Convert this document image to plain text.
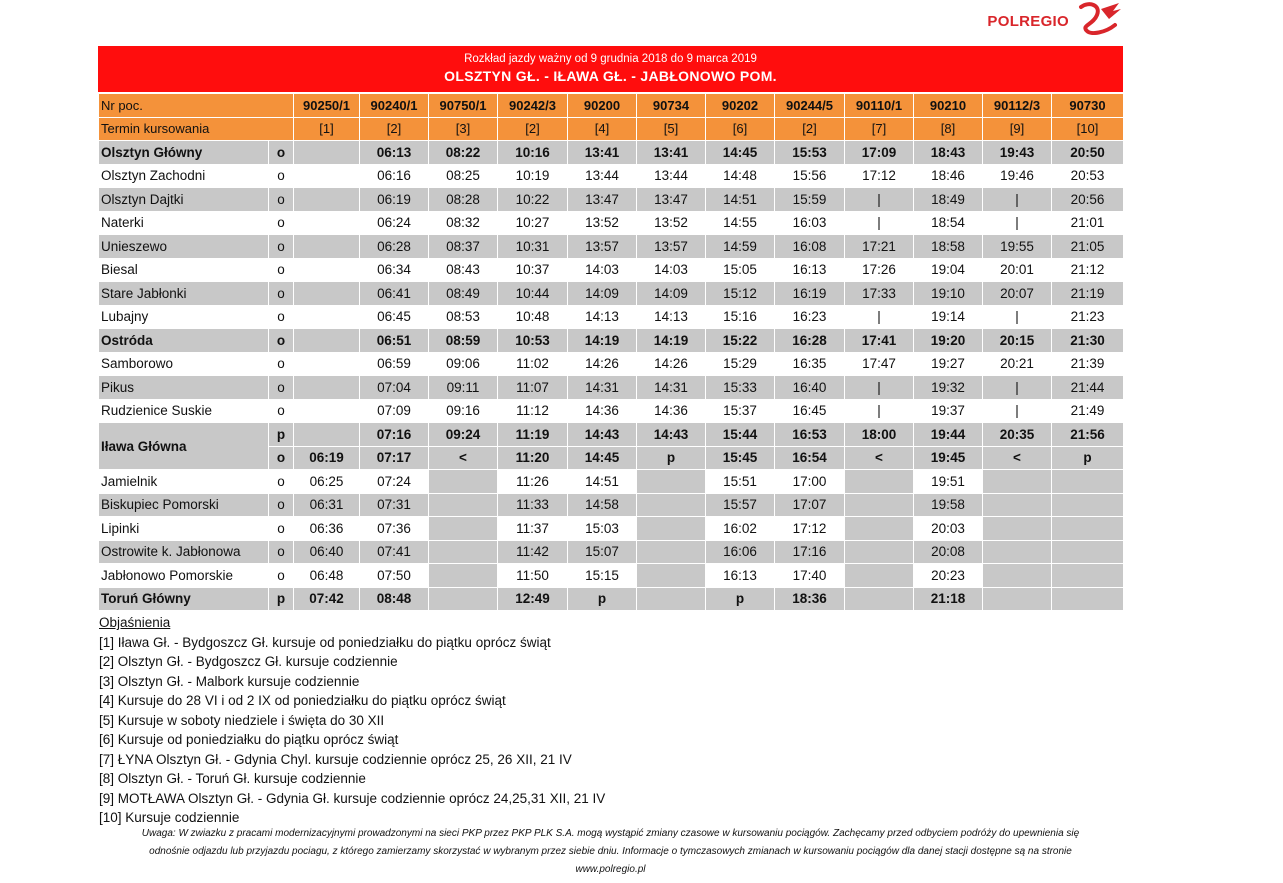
POLREGIO
Rozkład jazdy ważny od 9 grudnia 2018 do 9 marca 2019
OLSZTYN GŁ. - IŁAWA GŁ. - JABŁONOWO POM.
Nr poc.		90250/1	90240/1	90750/1	90242/3	90200	90734	90202	90244/5	90110/1	90210	90112/3	90730
Termin kursowania		[1]	[2]	[3]	[2]	[4]	[5]	[6]	[2]	[7]	[8]	[9]	[10]
Olsztyn Główny	o		06:13	08:22	10:16	13:41	13:41	14:45	15:53	17:09	18:43	19:43	20:50
Olsztyn Zachodni	o		06:16	08:25	10:19	13:44	13:44	14:48	15:56	17:12	18:46	19:46	20:53
Olsztyn Dajtki	o		06:19	08:28	10:22	13:47	13:47	14:51	15:59	|	18:49	|	20:56
Naterki	o		06:24	08:32	10:27	13:52	13:52	14:55	16:03	|	18:54	|	21:01
Unieszewo	o		06:28	08:37	10:31	13:57	13:57	14:59	16:08	17:21	18:58	19:55	21:05
Biesal	o		06:34	08:43	10:37	14:03	14:03	15:05	16:13	17:26	19:04	20:01	21:12
Stare Jabłonki	o		06:41	08:49	10:44	14:09	14:09	15:12	16:19	17:33	19:10	20:07	21:19
Lubajny	o		06:45	08:53	10:48	14:13	14:13	15:16	16:23	|	19:14	|	21:23
Ostróda	o		06:51	08:59	10:53	14:19	14:19	15:22	16:28	17:41	19:20	20:15	21:30
Samborowo	o		06:59	09:06	11:02	14:26	14:26	15:29	16:35	17:47	19:27	20:21	21:39
Pikus	o		07:04	09:11	11:07	14:31	14:31	15:33	16:40	|	19:32	|	21:44
Rudzienice Suskie	o		07:09	09:16	11:12	14:36	14:36	15:37	16:45	|	19:37	|	21:49
Iława Główna	p		07:16	09:24	11:19	14:43	14:43	15:44	16:53	18:00	19:44	20:35	21:56
	o	06:19	07:17	<	11:20	14:45	p	15:45	16:54	<	19:45	<	p
Jamielnik	o	06:25	07:24		11:26	14:51		15:51	17:00		19:51		
Biskupiec Pomorski	o	06:31	07:31		11:33	14:58		15:57	17:07		19:58		
Lipinki	o	06:36	07:36		11:37	15:03		16:02	17:12		20:03		
Ostrowite k. Jabłonowa	o	06:40	07:41		11:42	15:07		16:06	17:16		20:08		
Jabłonowo Pomorskie	o	06:48	07:50		11:50	15:15		16:13	17:40		20:23		
Toruń Główny	p	07:42	08:48		12:49	p		p	18:36		21:18		
Objaśnienia
[1] Iława Gł. - Bydgoszcz Gł. kursuje od poniedziałku do piątku oprócz świąt
[2] Olsztyn Gł. - Bydgoszcz Gł. kursuje codziennie
[3] Olsztyn Gł. - Malbork kursuje codziennie
[4] Kursuje do 28 VI i od 2 IX od poniedziałku do piątku oprócz świąt
[5] Kursuje w soboty niedziele i święta do 30 XII
[6] Kursuje od poniedziałku do piątku oprócz świąt
[7] ŁYNA Olsztyn Gł. - Gdynia Chyl. kursuje codziennie oprócz 25, 26 XII, 21 IV
[8] Olsztyn Gł. - Toruń Gł. kursuje codziennie
[9] MOTŁAWA Olsztyn Gł. - Gdynia Gł. kursuje codziennie oprócz 24,25,31 XII, 21 IV
[10] Kursuje codziennie
Uwaga: W zwiazku z pracami modernizacyjnymi prowadzonymi na sieci PKP przez PKP PLK S.A. mogą wystąpić zmiany czasowe w kursowaniu pociągów. Zachęcamy przed odbyciem podróży do upewnienia się
odnośnie odjazdu lub przyjazdu pociagu, z którego zamierzamy skorzystać w wybranym przez siebie dniu. Informacje o tymczasowych zmianach w kursowaniu pociągów dla danej stacji dostępne są na stronie
www.polregio.pl
